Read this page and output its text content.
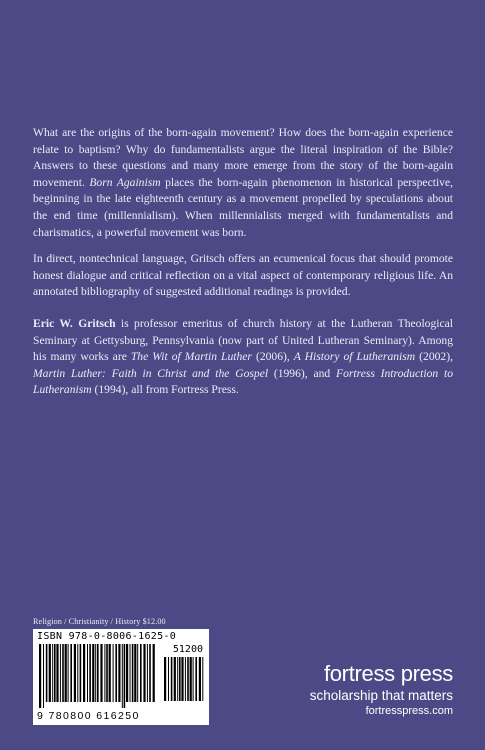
What are the origins of the born-again movement? How does the born-again experience relate to baptism? Why do fundamentalists argue the literal inspiration of the Bible? Answers to these questions and many more emerge from the story of the born-again movement. Born Againism places the born-again phenomenon in historical perspective, beginning in the late eighteenth century as a movement propelled by speculations about the end time (millennialism). When millennialists merged with fundamentalists and charismatics, a powerful movement was born.

In direct, nontechnical language, Gritsch offers an ecumenical focus that should promote honest dialogue and critical reflection on a vital aspect of contemporary religious life. An annotated bibliography of suggested additional readings is provided.

Eric W. Gritsch is professor emeritus of church history at the Lutheran Theological Seminary at Gettysburg, Pennsylvania (now part of United Lutheran Seminary). Among his many works are The Wit of Martin Luther (2006), A History of Lutheranism (2002), Martin Luther: Faith in Christ and the Gospel (1996), and Fortress Introduction to Lutheranism (1994), all from Fortress Press.

Religion / Christianity / History $12.00
ISBN 978-0-8006-1625-0
51200
9 780800 616250
fortress press
scholarship that matters
fortresspress.com
